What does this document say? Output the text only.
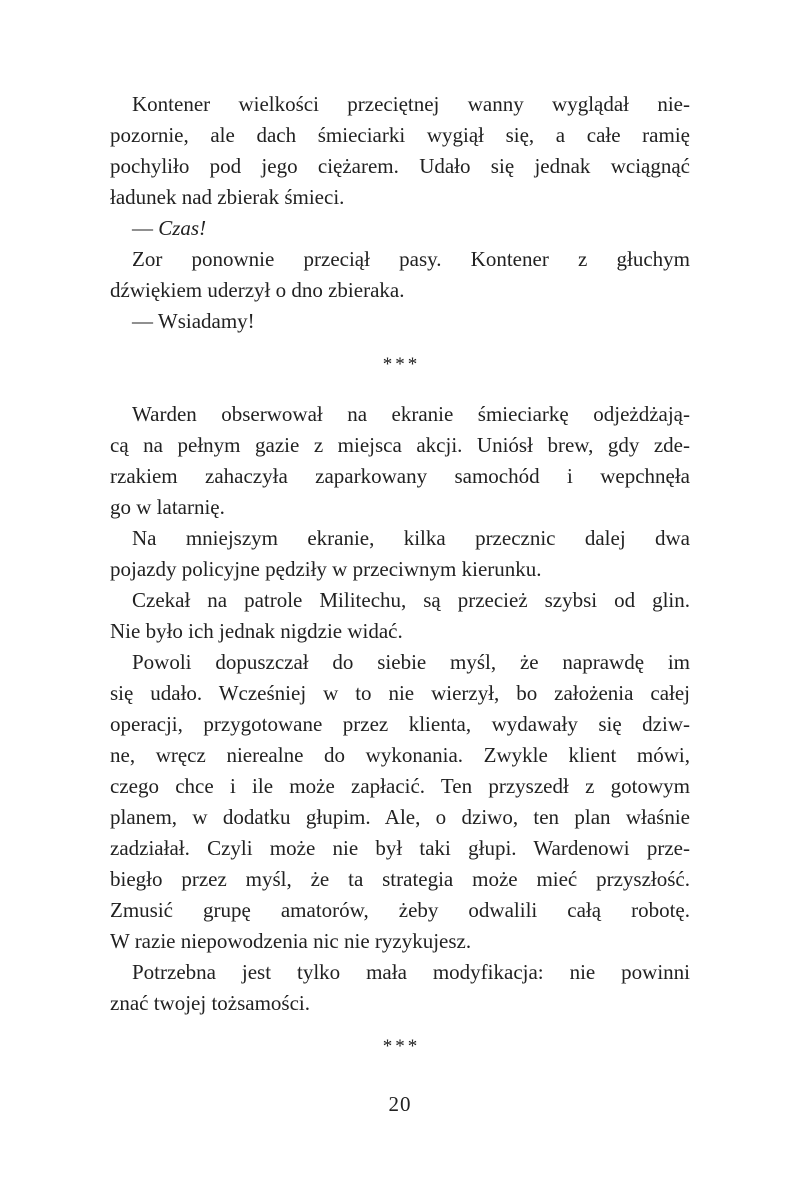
Kontener wielkości przeciętnej wanny wyglądał nie-
pozornie, ale dach śmieciarki wygiął się, a całe ramię
pochyliło pod jego ciężarem. Udało się jednak wciągnąć
ładunek nad zbierak śmieci.
— Czas!
Zor ponownie przeciął pasy. Kontener z głuchym
dźwiękiem uderzył o dno zbieraka.
— Wsiadamy!
***
Warden obserwował na ekranie śmieciarkę odjeżdżają-
cą na pełnym gazie z miejsca akcji. Uniósł brew, gdy zde-
rzakiem zahaczyła zaparkowany samochód i wepchnęła
go w latarnię.
Na mniejszym ekranie, kilka przecznic dalej dwa
pojazdy policyjne pędziły w przeciwnym kierunku.
Czekał na patrole Militechu, są przecież szybsi od glin.
Nie było ich jednak nigdzie widać.
Powoli dopuszczał do siebie myśl, że naprawdę im
się udało. Wcześniej w to nie wierzył, bo założenia całej
operacji, przygotowane przez klienta, wydawały się dziw-
ne, wręcz nierealne do wykonania. Zwykle klient mówi,
czego chce i ile może zapłacić. Ten przyszedł z gotowym
planem, w dodatku głupim. Ale, o dziwo, ten plan właśnie
zadziałał. Czyli może nie był taki głupi. Wardenowi prze-
biegło przez myśl, że ta strategia może mieć przyszłość.
Zmusić grupę amatorów, żeby odwalili całą robotę.
W razie niepowodzenia nic nie ryzykujesz.
Potrzebna jest tylko mała modyfikacja: nie powinni
znać twojej tożsamości.
***
20
